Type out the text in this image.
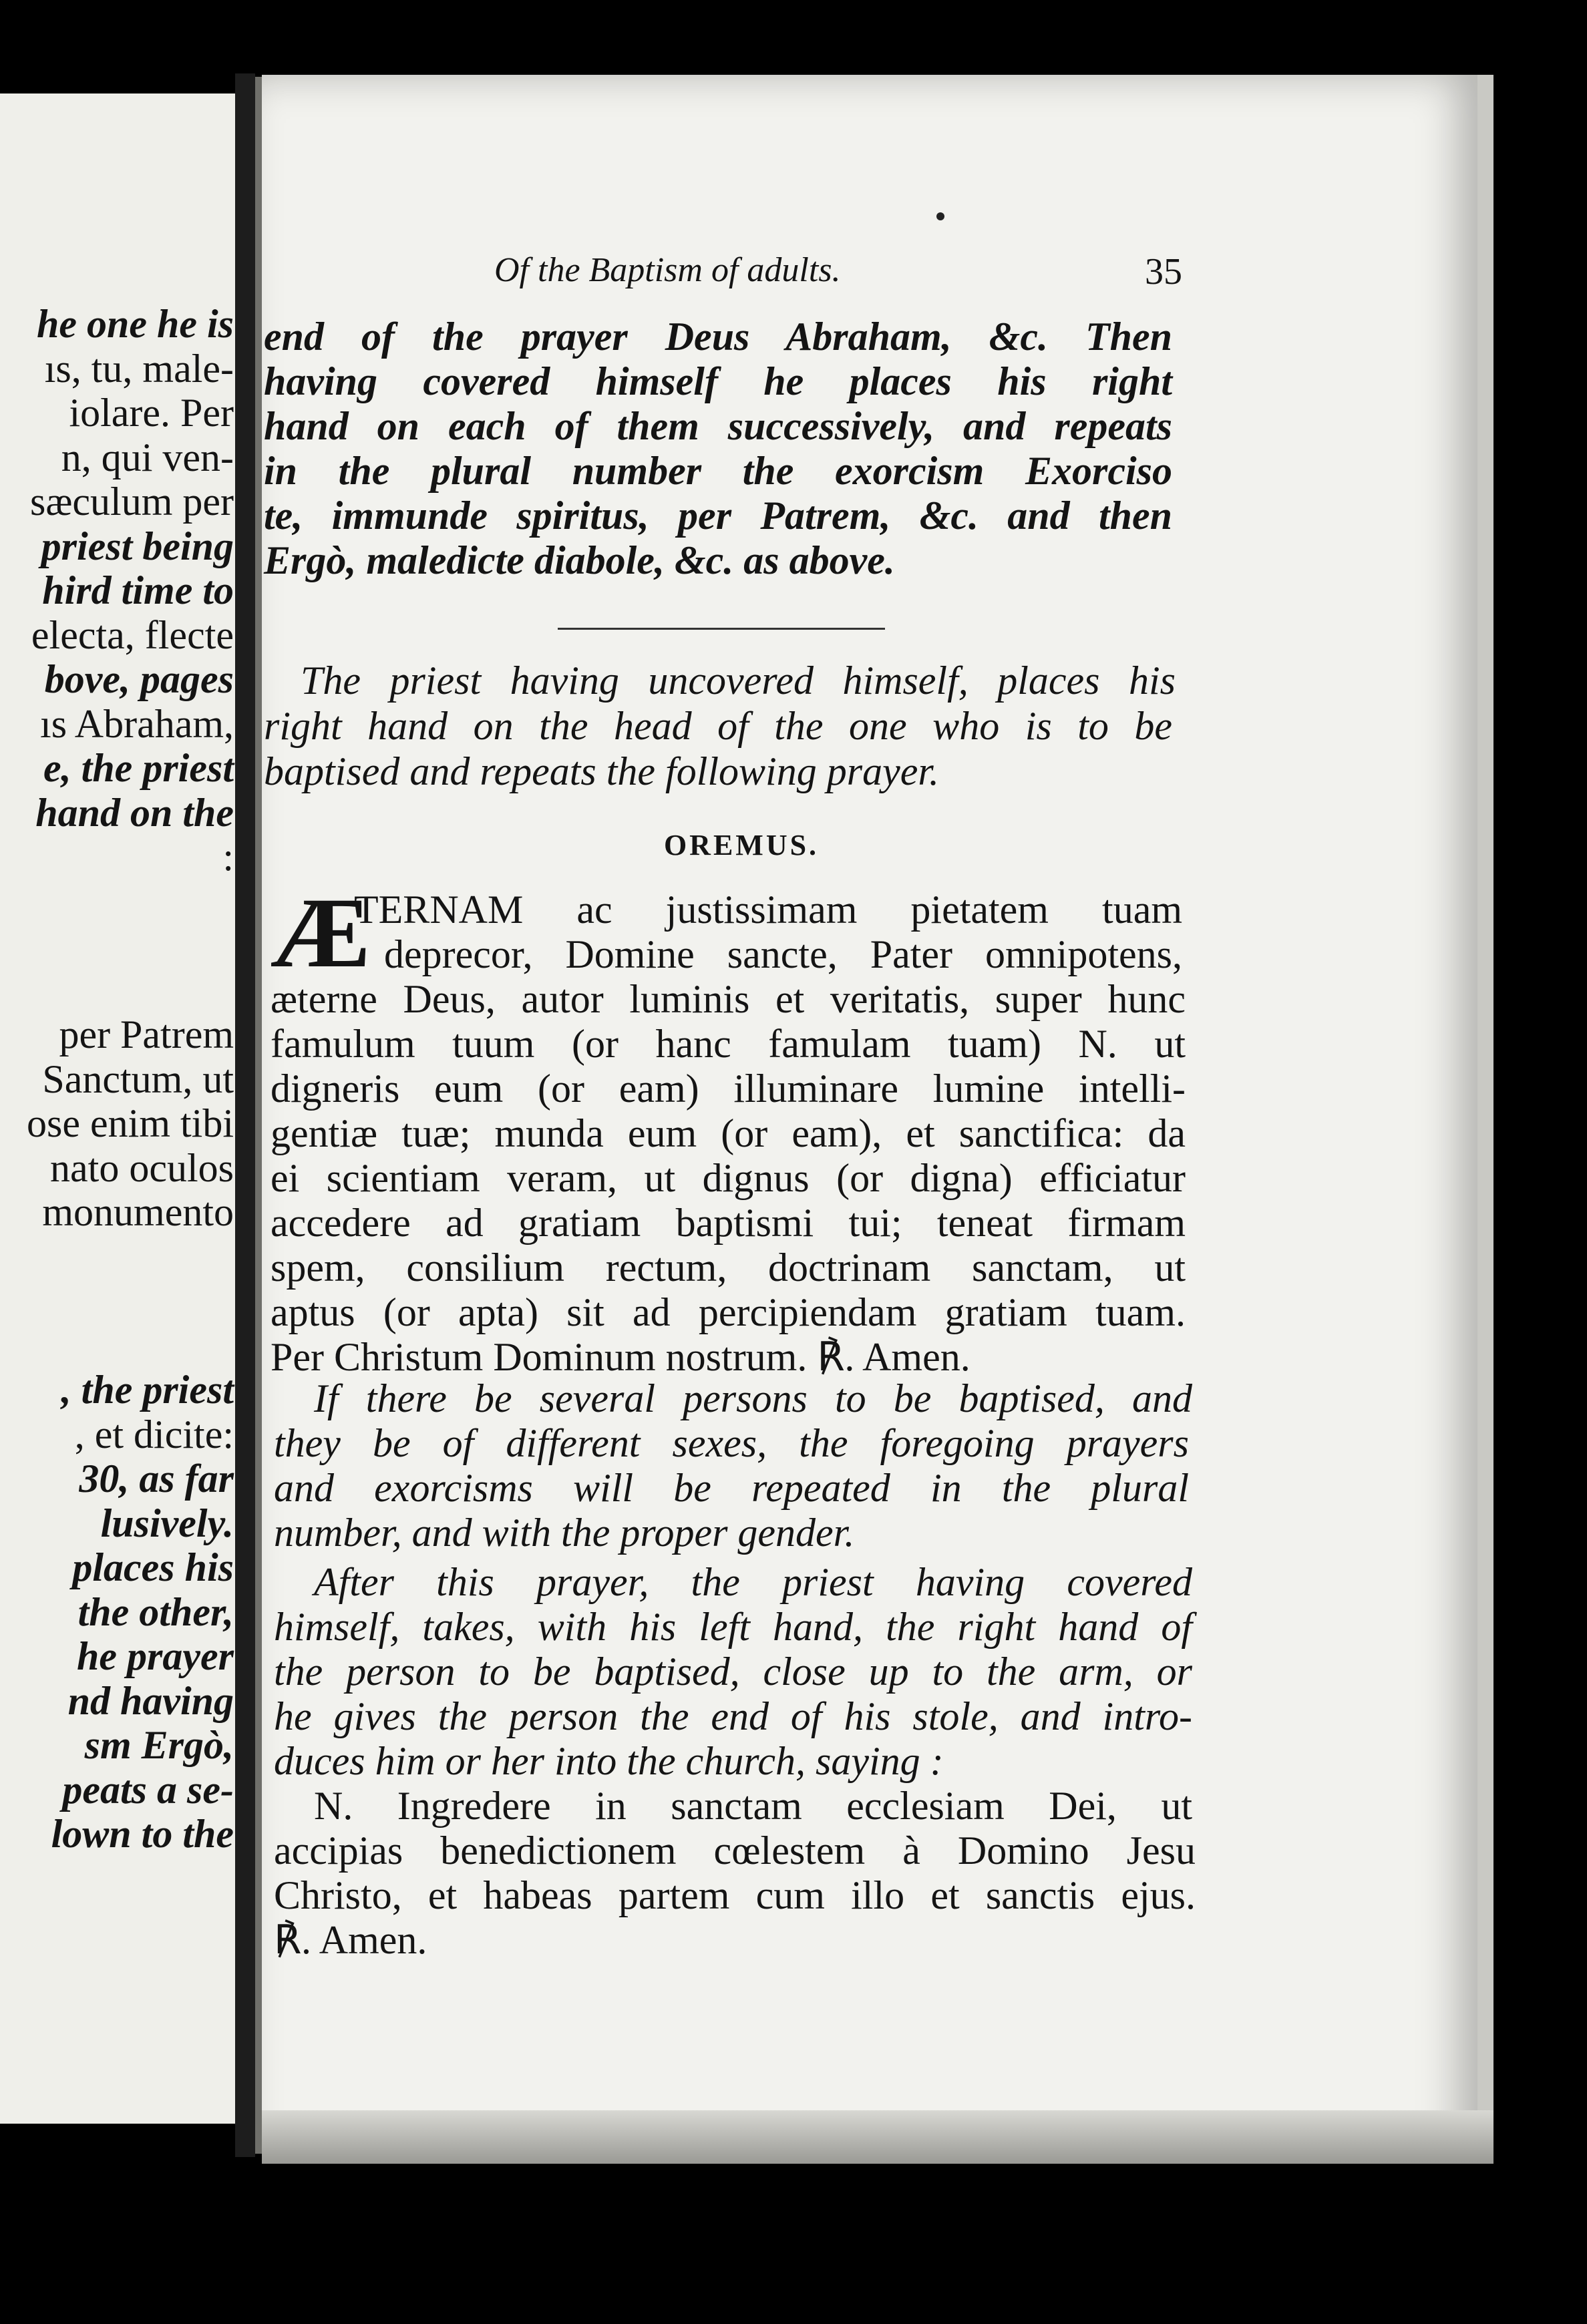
he one he is
ıs, tu, male-
iolare. Per
n, qui ven-
sæculum per
priest being
hird time to
electa, flecte
bove, pages
ıs Abraham,
e, the priest
hand on the
:
per Patrem
Sanctum, ut
ose enim tibi
nato oculos
monumento
, the priest
, et dicite:
30, as far
lusively.
places his
the other,
he prayer
nd having
sm Ergò,
peats a se-
lown to the
Of the Baptism of adults.	35
end of the prayer Deus Abraham, &c. Then
having covered himself he places his right
hand on each of them successively, and repeats
in the plural number the exorcism Exorciso
te, immunde spiritus, per Patrem, &c. and then
Ergò, maledicte diabole, &c. as above.
The priest having uncovered himself, places his
right hand on the head of the one who is to be
baptised and repeats the following prayer.
TERNAM ac justissimam pietatem tuam
deprecor, Domine sancte, Pater omnipotens,
æterne Deus, autor luminis et veritatis, super hunc
famulum tuum (or hanc famulam tuam) N. ut
digneris eum (or eam) illuminare lumine intelli-
gentiæ tuæ; munda eum (or eam), et sanctifica: da
ei scientiam veram, ut dignus (or digna) efficiatur
accedere ad gratiam baptismi tui; teneat firmam
spem, consilium rectum, doctrinam sanctam, ut
aptus (or apta) sit ad percipiendam gratiam tuam.
Per Christum Dominum nostrum. ℟. Amen.
If there be several persons to be baptised, and
they be of different sexes, the foregoing prayers
and exorcisms will be repeated in the plural
number, and with the proper gender.
After this prayer, the priest having covered
himself, takes, with his left hand, the right hand of
the person to be baptised, close up to the arm, or
he gives the person the end of his stole, and intro-
duces him or her into the church, saying :
N. Ingredere in sanctam ecclesiam Dei, ut
accipias benedictionem cœlestem à Domino Jesu
Christo, et habeas partem cum illo et sanctis ejus.
℟. Amen.
OREMUS.
Æ
